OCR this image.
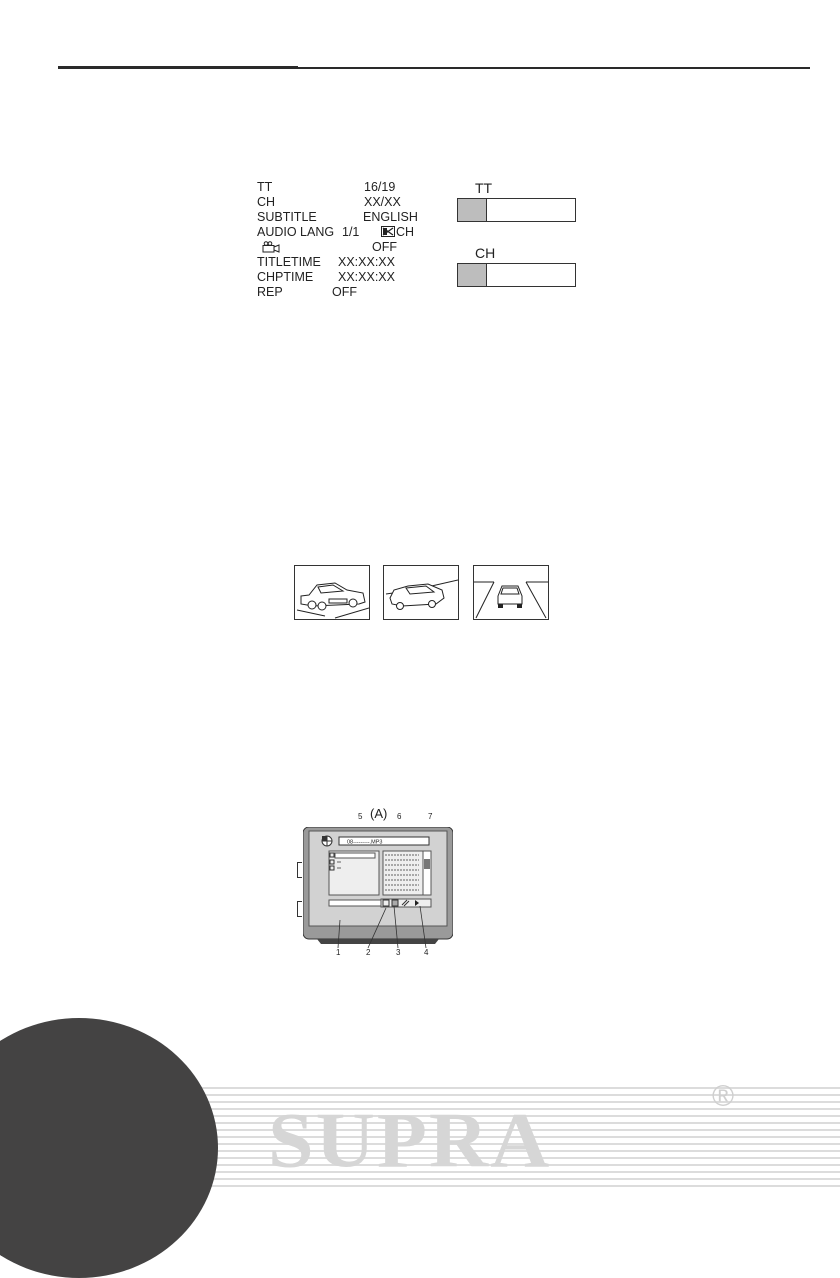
TT	16/19
CH	XX/XX
SUBTITLE	ENGLISH
AUDIO LANG 1/1	CH
OFF
TITLETIME XX:XX:XX
CHPTIME XX:XX:XX
REP	OFF
TT
CH
(A)
5	6	7
08---------.MP3
1	2	3	4
SUPRA
®
